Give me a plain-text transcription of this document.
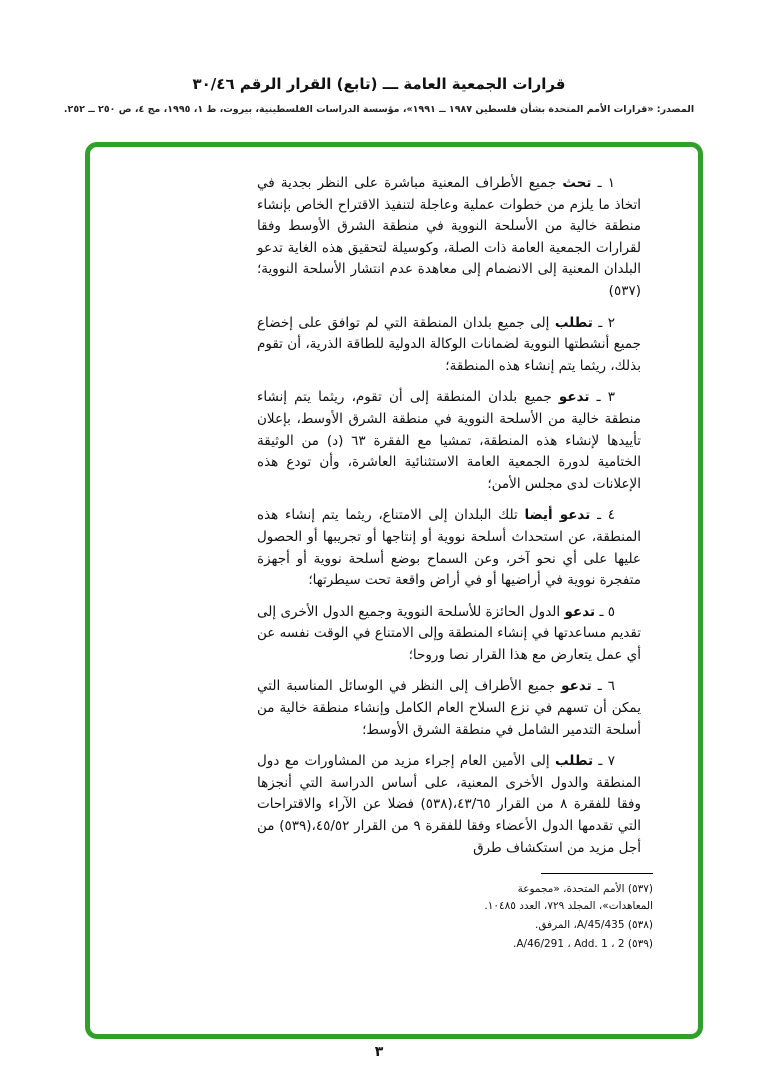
قرارات الجمعية العامة ـــ (تابع) القرار الرقم ٣٠/٤٦
المصدر: «قرارات الأمم المتحدة بشأن فلسطين ١٩٨٧ ــ ١٩٩١»، مؤسسة الدراسات الفلسطينية، بيروت، ط ١، ١٩٩٥، مج ٤، ص ٢٥٠ ــ ٢٥٢.

١ ـ تحث جميع الأطراف المعنية مباشرة على النظر بجدية في اتخاذ ما يلزم من خطوات عملية وعاجلة لتنفيذ الاقتراح الخاص بإنشاء منطقة خالية من الأسلحة النووية في منطقة الشرق الأوسط وفقا لقرارات الجمعية العامة ذات الصلة، وكوسيلة لتحقيق هذه الغاية تدعو البلدان المعنية إلى الانضمام إلى معاهدة عدم انتشار الأسلحة النووية؛(٥٣٧)

٢ ـ تطلب إلى جميع بلدان المنطقة التي لم توافق على إخضاع جميع أنشطتها النووية لضمانات الوكالة الدولية للطاقة الذرية، أن تقوم بذلك، ريثما يتم إنشاء هذه المنطقة؛

٣ ـ تدعو جميع بلدان المنطقة إلى أن تقوم، ريثما يتم إنشاء منطقة خالية من الأسلحة النووية في منطقة الشرق الأوسط، بإعلان تأييدها لإنشاء هذه المنطقة، تمشيا مع الفقرة ٦٣ (د) من الوثيقة الختامية لدورة الجمعية العامة الاستثنائية العاشرة، وأن تودع هذه الإعلانات لدى مجلس الأمن؛

٤ ـ تدعو أيضا تلك البلدان إلى الامتناع، ريثما يتم إنشاء هذه المنطقة، عن استحداث أسلحة نووية أو إنتاجها أو تجريبها أو الحصول عليها على أي نحو آخر، وعن السماح بوضع أسلحة نووية أو أجهزة متفجرة نووية في أراضيها أو في أراض واقعة تحت سيطرتها؛

٥ ـ تدعو الدول الحائزة للأسلحة النووية وجميع الدول الأخرى إلى تقديم مساعدتها في إنشاء المنطقة وإلى الامتناع في الوقت نفسه عن أي عمل يتعارض مع هذا القرار نصا وروحا؛

٦ ـ تدعو جميع الأطراف إلى النظر في الوسائل المناسبة التي يمكن أن تسهم في نزع السلاح العام الكامل وإنشاء منطقة خالية من أسلحة التدمير الشامل في منطقة الشرق الأوسط؛

٧ ـ تطلب إلى الأمين العام إجراء مزيد من المشاورات مع دول المنطقة والدول الأخرى المعنية، على أساس الدراسة التي أنجزها وفقا للفقرة ٨ من القرار ٤٣/٦٥،(٥٣٨) فضلا عن الآراء والاقتراحات التي تقدمها الدول الأعضاء وفقا للفقرة ٩ من القرار ٤٥/٥٢،(٥٣٩) من أجل مزيد من استكشاف طرق

(٥٣٧) الأمم المتحدة، «مجموعة المعاهدات»، المجلد ٧٢٩، العدد ١٠٤٨٥.
(٥٣٨) A/45/435، المرفق.
(٥٣٩) A/46/291 ، Add. 1 ، 2.
٣
